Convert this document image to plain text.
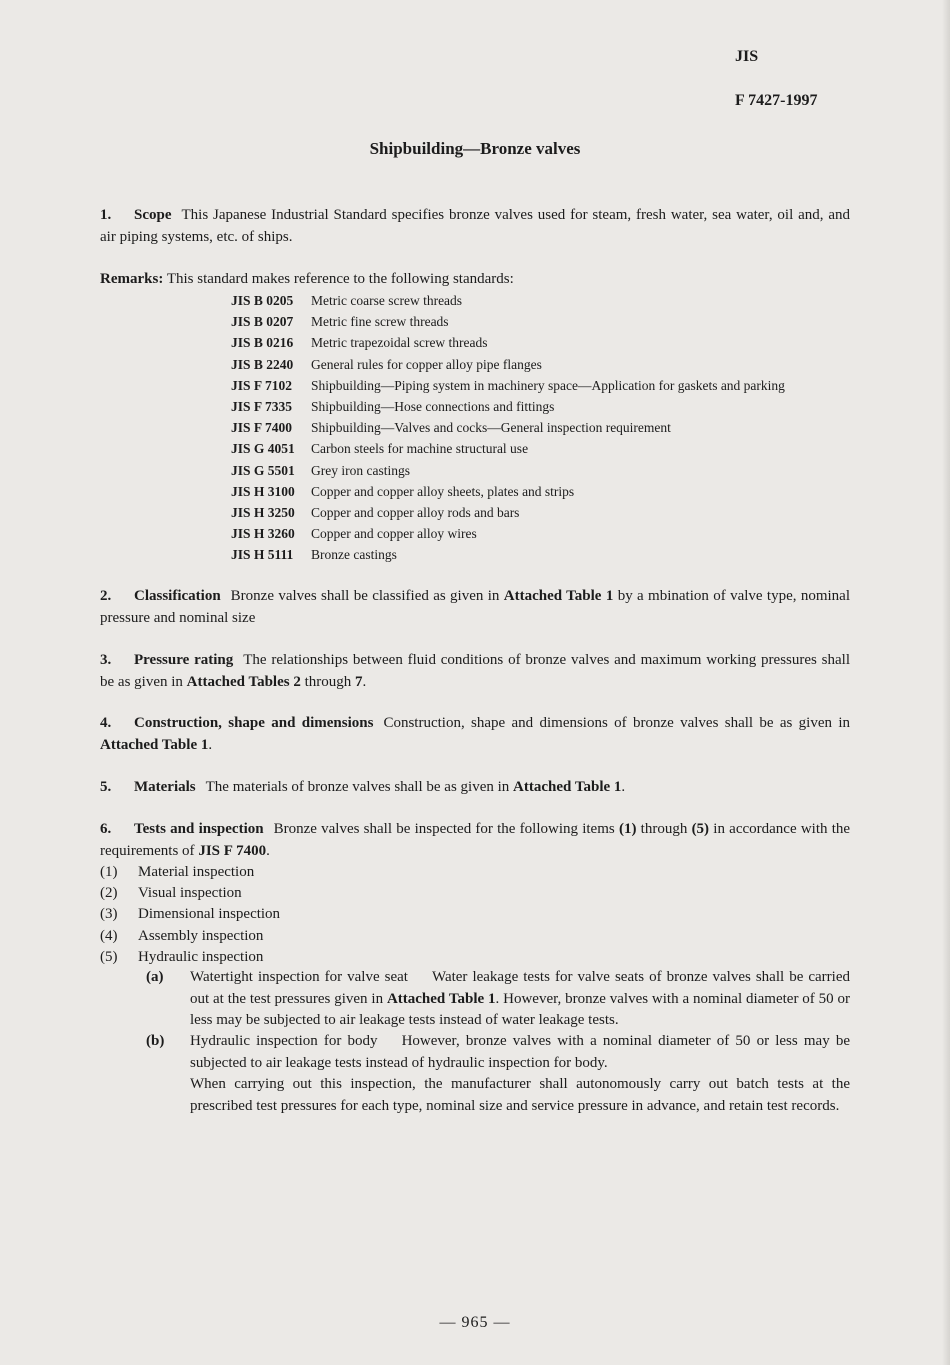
JIS
F 7427-1997
Shipbuilding—Bronze valves
1. Scope This Japanese Industrial Standard specifies bronze valves used for steam, fresh water, sea water, oil and, and air piping systems, etc. of ships.
Remarks: This standard makes reference to the following standards:
JIS B 0205	Metric coarse screw threads
JIS B 0207	Metric fine screw threads
JIS B 0216	Metric trapezoidal screw threads
JIS B 2240	General rules for copper alloy pipe flanges
JIS F 7102	Shipbuilding—Piping system in machinery space—Application for gaskets and parking
JIS F 7335	Shipbuilding—Hose connections and fittings
JIS F 7400	Shipbuilding—Valves and cocks—General inspection requirement
JIS G 4051	Carbon steels for machine structural use
JIS G 5501	Grey iron castings
JIS H 3100	Copper and copper alloy sheets, plates and strips
JIS H 3250	Copper and copper alloy rods and bars
JIS H 3260	Copper and copper alloy wires
JIS H 5111	Bronze castings
2. Classification Bronze valves shall be classified as given in Attached Table 1 by a mbination of valve type, nominal pressure and nominal size
3. Pressure rating The relationships between fluid conditions of bronze valves and maximum working pressures shall be as given in Attached Tables 2 through 7.
4. Construction, shape and dimensions Construction, shape and dimensions of bronze valves shall be as given in Attached Table 1.
5. Materials The materials of bronze valves shall be as given in Attached Table 1.
6. Tests and inspection Bronze valves shall be inspected for the following items (1) through (5) in accordance with the requirements of JIS F 7400.
(1) Material inspection
(2) Visual inspection
(3) Dimensional inspection
(4) Assembly inspection
(5) Hydraulic inspection
(a) Watertight inspection for valve seat Water leakage tests for valve seats of bronze valves shall be carried out at the test pressures given in Attached Table 1. However, bronze valves with a nominal diameter of 50 or less may be subjected to air leakage tests instead of water leakage tests.
(b) Hydraulic inspection for body However, bronze valves with a nominal diameter of 50 or less may be subjected to air leakage tests instead of hydraulic inspection for body.

When carrying out this inspection, the manufacturer shall autonomously carry out batch tests at the prescribed test pressures for each type, nominal size and service pressure in advance, and retain test records.

— 965 —
